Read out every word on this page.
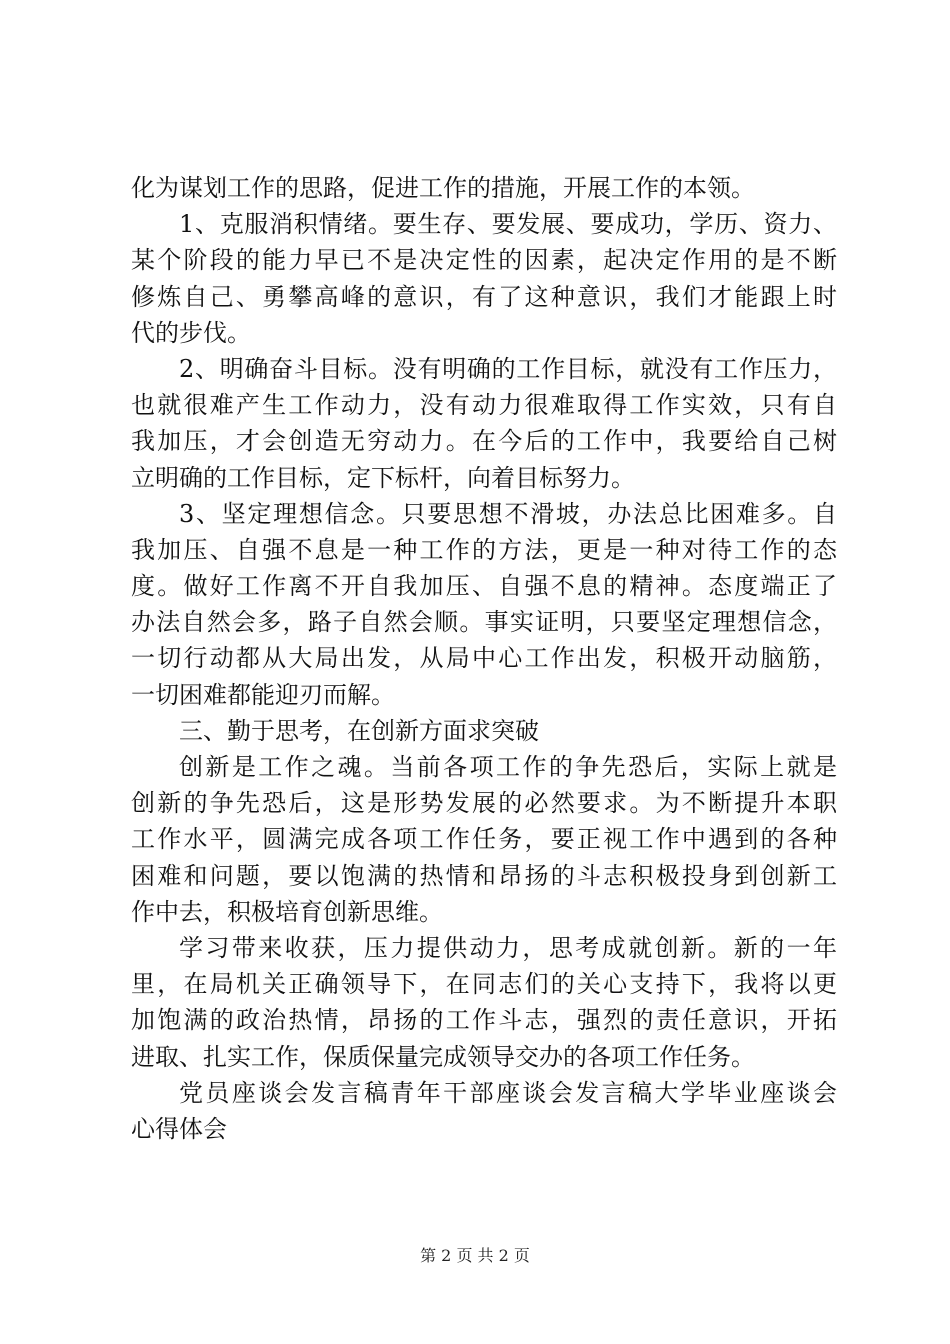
化为谋划工作的思路，促进工作的措施，开展工作的本领。
1、克服消积情绪。要生存、要发展、要成功，学历、资力、
某个阶段的能力早已不是决定性的因素，起决定作用的是不断
修炼自己、勇攀高峰的意识，有了这种意识，我们才能跟上时
代的步伐。
2、明确奋斗目标。没有明确的工作目标，就没有工作压力，
也就很难产生工作动力，没有动力很难取得工作实效，只有自
我加压，才会创造无穷动力。在今后的工作中，我要给自己树
立明确的工作目标，定下标杆，向着目标努力。
3、坚定理想信念。只要思想不滑坡，办法总比困难多。自
我加压、自强不息是一种工作的方法，更是一种对待工作的态
度。做好工作离不开自我加压、自强不息的精神。态度端正了
办法自然会多，路子自然会顺。事实证明，只要坚定理想信念，
一切行动都从大局出发，从局中心工作出发，积极开动脑筋，
一切困难都能迎刃而解。
三、勤于思考，在创新方面求突破
创新是工作之魂。当前各项工作的争先恐后，实际上就是
创新的争先恐后，这是形势发展的必然要求。为不断提升本职
工作水平，圆满完成各项工作任务，要正视工作中遇到的各种
困难和问题，要以饱满的热情和昂扬的斗志积极投身到创新工
作中去，积极培育创新思维。
学习带来收获，压力提供动力，思考成就创新。新的一年
里，在局机关正确领导下，在同志们的关心支持下，我将以更
加饱满的政治热情，昂扬的工作斗志，强烈的责任意识，开拓
进取、扎实工作，保质保量完成领导交办的各项工作任务。
党员座谈会发言稿青年干部座谈会发言稿大学毕业座谈会
心得体会
第 2 页 共 2 页
